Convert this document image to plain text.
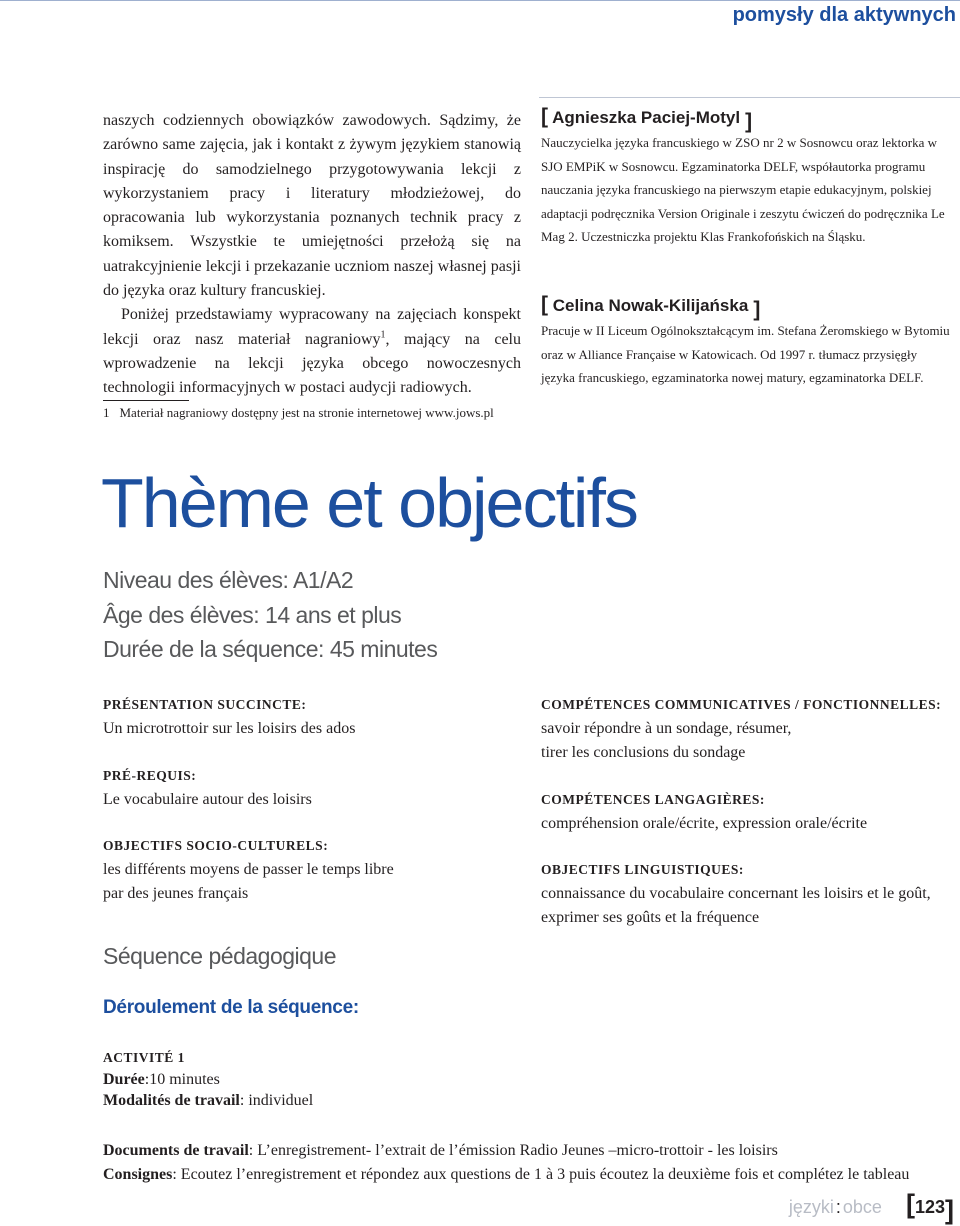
pomysły dla aktywnych

naszych codziennych obowiązków zawodowych. Sądzimy, że zarówno same zajęcia, jak i kontakt z żywym językiem stanowią inspirację do samodzielnego przygotowywania lekcji z wykorzystaniem pracy i literatury młodzieżowej, do opracowania lub wykorzystania poznanych technik pracy z komiksem. Wszystkie te umiejętności przełożą się na uatrakcyjnienie lekcji i przekazanie uczniom naszej własnej pasji do języka oraz kultury francuskiej.

Poniżej przedstawiamy wypracowany na zajęciach konspekt lekcji oraz nasz materiał nagraniowy$^1$, mający na celu wprowadzenie na lekcji języka obcego nowoczesnych technologii informacyjnych w postaci audycji radiowych.

1 Materiał nagraniowy dostępny jest na stronie internetowej www.jows.pl
[ Agnieszka Paciej-Motyl ]
Nauczycielka języka francuskiego w ZSO nr 2 w Sosnowcu oraz lektorka w SJO EMPiK w Sosnowcu. Egzaminatorka DELF, współautorka programu nauczania języka francuskiego na pierwszym etapie edukacyjnym, polskiej adaptacji podręcznika Version Originale i zeszytu ćwiczeń do podręcznika Le Mag 2. Uczestniczka projektu Klas Frankofońskich na Śląsku.
[ Celina Nowak-Kilijańska ]
Pracuje w II Liceum Ogólnokształcącym im. Stefana Żeromskiego w Bytomiu oraz w Alliance Française w Katowicach. Od 1997 r. tłumacz przysięgły języka francuskiego, egzaminatorka nowej matury, egzaminatorka DELF.
Thème et objectifs
Niveau des élèves: A1/A2
Âge des élèves: 14 ans et plus
Durée de la séquence: 45 minutes
PRÉSENTATION SUCCINCTE:
Un microtrottoir sur les loisirs des ados
PRÉ-REQUIS:
Le vocabulaire autour des loisirs
OBJECTIFS SOCIO-CULTURELS:
les différents moyens de passer le temps libre
par des jeunes français
COMPÉTENCES COMMUNICATIVES / FONCTIONNELLES:
savoir répondre à un sondage, résumer,
tirer les conclusions du sondage
COMPÉTENCES LANGAGIÈRES:
compréhension orale/écrite, expression orale/écrite
OBJECTIFS LINGUISTIQUES:
connaissance du vocabulaire concernant les loisirs et le goût,
exprimer ses goûts et la fréquence
Séquence pédagogique
Déroulement de la séquence:
ACTIVITÉ 1
Durée:10 minutes
Modalités de travail: individuel
Documents de travail: L’enregistrement- l’extrait de l’émission Radio Jeunes –micro-trottoir - les loisirs
Consignes: Ecoutez l’enregistrement et répondez aux questions de 1 à 3 puis écoutez la deuxième fois et complétez le tableau
języki : obce [123]
